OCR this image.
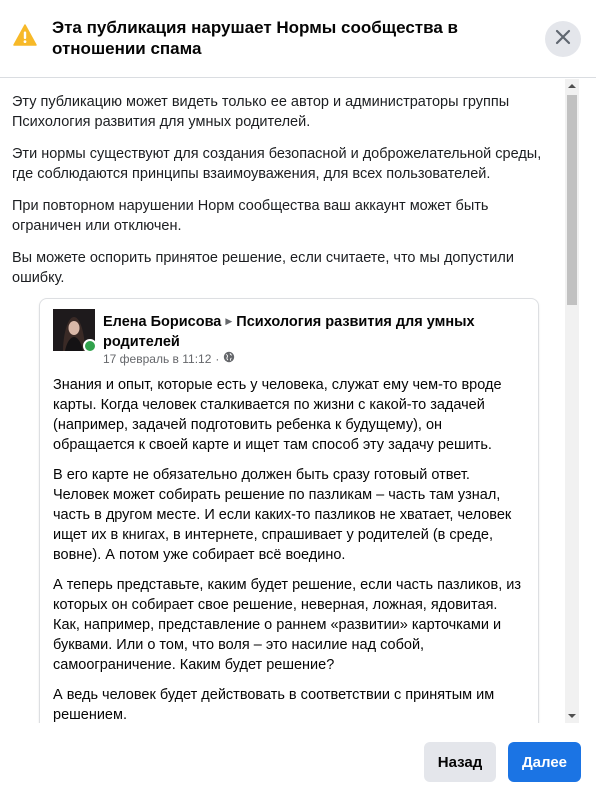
Эта публикация нарушает Нормы сообщества в отношении спама

Эту публикацию может видеть только ее автор и администраторы группы Психология развития для умных родителей.

Эти нормы существуют для создания безопасной и доброжелательной среды, где соблюдаются принципы взаимоуважения, для всех пользователей.

При повторном нарушении Норм сообщества ваш аккаунт может быть ограничен или отключен.

Вы можете оспорить принятое решение, если считаете, что мы допустили ошибку.

Елена Борисова ▶ Психология развития для умных родителей
17 февраль в 11:12 ·

Знания и опыт, которые есть у человека, служат ему чем-то вроде карты. Когда человек сталкивается по жизни с какой-то задачей (например, задачей подготовить ребенка к будущему), он обращается к своей карте и ищет там способ эту задачу решить.

В его карте не обязательно должен быть сразу готовый ответ. Человек может собирать решение по пазликам – часть там узнал, часть в другом месте. И если каких-то пазликов не хватает, человек ищет их в книгах, в интернете, спрашивает у родителей (в среде, вовне). А потом уже собирает всё воедино.

А теперь представьте, каким будет решение, если часть пазликов, из которых он собирает свое решение, неверная, ложная, ядовитая. Как, например, представление о раннем «развитии» карточками и буквами. Или о том, что воля – это насилие над собой, самоограничение. Каким будет решение?

А ведь человек будет действовать в соответствии с принятым им решением.

Назад	Далее
